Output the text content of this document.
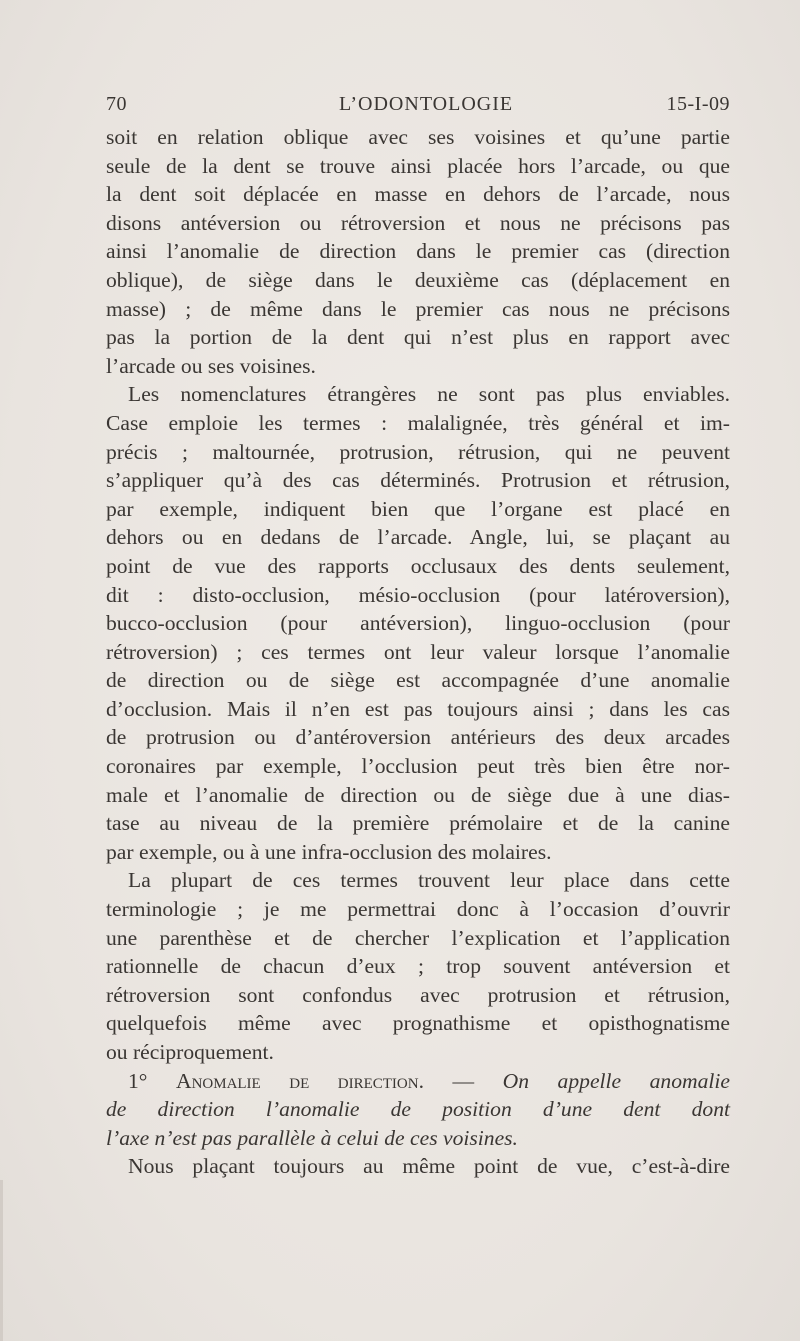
70	L’ODONTOLOGIE	15-I-09
soit en relation oblique avec ses voisines et qu’une partie
seule de la dent se trouve ainsi placée hors l’arcade, ou que
la dent soit déplacée en masse en dehors de l’arcade, nous
disons antéversion ou rétroversion et nous ne précisons pas
ainsi l’anomalie de direction dans le premier cas (direction
oblique), de siège dans le deuxième cas (déplacement en
masse) ; de même dans le premier cas nous ne précisons
pas la portion de la dent qui n’est plus en rapport avec
l’arcade ou ses voisines.
Les nomenclatures étrangères ne sont pas plus enviables.
Case emploie les termes : malalignée, très général et im-
précis ; maltournée, protrusion, rétrusion, qui ne peuvent
s’appliquer qu’à des cas déterminés. Protrusion et rétrusion,
par exemple, indiquent bien que l’organe est placé en
dehors ou en dedans de l’arcade. Angle, lui, se plaçant au
point de vue des rapports occlusaux des dents seulement,
dit : disto-occlusion, mésio-occlusion (pour latéroversion),
bucco-occlusion (pour antéversion), linguo-occlusion (pour
rétroversion) ; ces termes ont leur valeur lorsque l’anomalie
de direction ou de siège est accompagnée d’une anomalie
d’occlusion. Mais il n’en est pas toujours ainsi ; dans les cas
de protrusion ou d’antéroversion antérieurs des deux arcades
coronaires par exemple, l’occlusion peut très bien être nor-
male et l’anomalie de direction ou de siège due à une dias-
tase au niveau de la première prémolaire et de la canine
par exemple, ou à une infra-occlusion des molaires.
La plupart de ces termes trouvent leur place dans cette
terminologie ; je me permettrai donc à l’occasion d’ouvrir
une parenthèse et de chercher l’explication et l’application
rationnelle de chacun d’eux ; trop souvent antéversion et
rétroversion sont confondus avec protrusion et rétrusion,
quelquefois même avec prognathisme et opisthognatisme
ou réciproquement.
1° Anomalie de direction. — On appelle anomalie
de direction l’anomalie de position d’une dent dont
l’axe n’est pas parallèle à celui de ces voisines.
Nous plaçant toujours au même point de vue, c’est-à-dire
